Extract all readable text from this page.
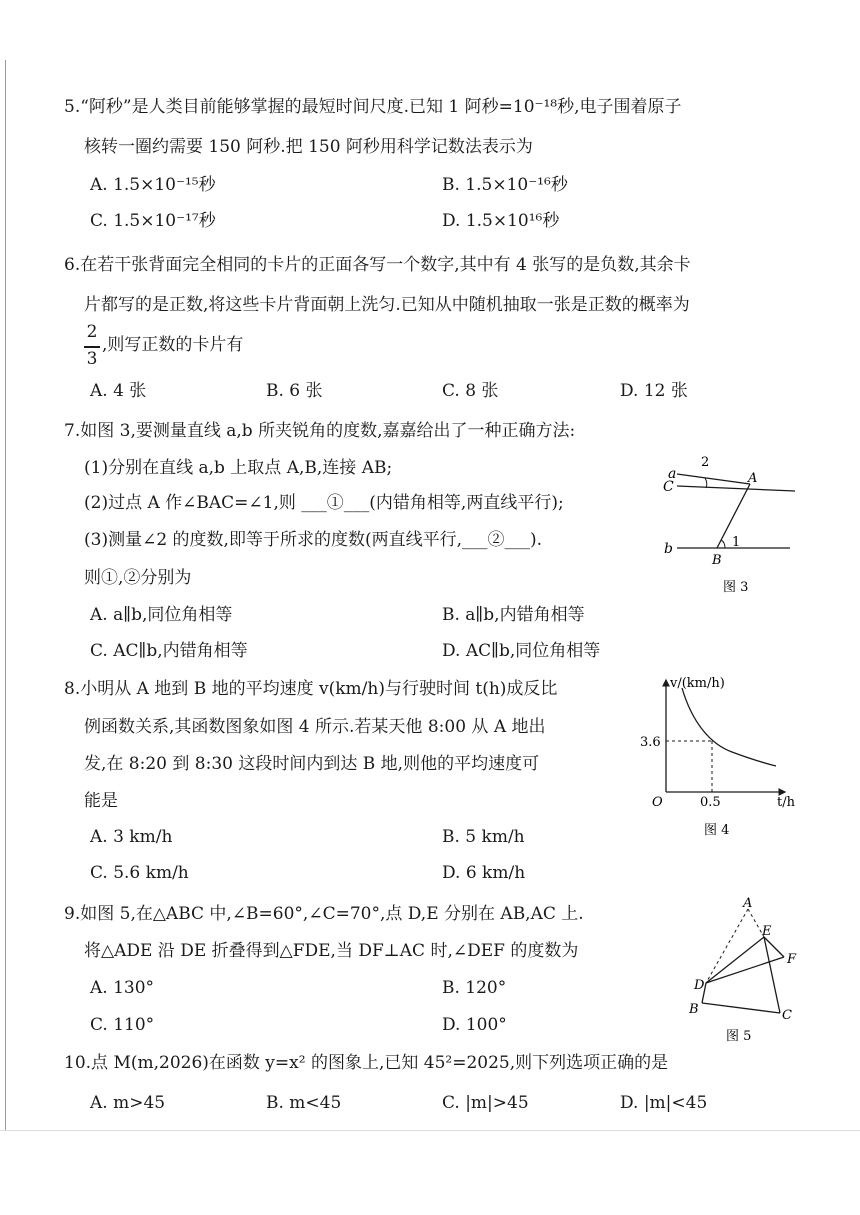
5.“阿秒”是人类目前能够掌握的最短时间尺度.已知 1 阿秒=10⁻¹⁸秒,电子围着原子
核转一圈约需要 150 阿秒.把 150 阿秒用科学记数法表示为
A. 1.5×10⁻¹⁵秒	B. 1.5×10⁻¹⁶秒
C. 1.5×10⁻¹⁷秒	D. 1.5×10¹⁶秒
6.在若干张背面完全相同的卡片的正面各写一个数字,其中有 4 张写的是负数,其余卡
片都写的是正数,将这些卡片背面朝上洗匀.已知从中随机抽取一张是正数的概率为
2
3
,则写正数的卡片有
A. 4 张	B. 6 张	C. 8 张	D. 12 张
7.如图 3,要测量直线 a,b 所夹锐角的度数,嘉嘉给出了一种正确方法:
(1)分别在直线 a,b 上取点 A,B,连接 AB;
(2)过点 A 作∠BAC=∠1,则 ___①___(内错角相等,两直线平行);
(3)测量∠2 的度数,即等于所求的度数(两直线平行,___②___).
则①,②分别为
A. a∥b,同位角相等	B. a∥b,内错角相等
C. AC∥b,内错角相等	D. AC∥b,同位角相等
a
2
A
C
b	1
B
图 3
8.小明从 A 地到 B 地的平均速度 v(km/h)与行驶时间 t(h)成反比
例函数关系,其函数图象如图 4 所示.若某天他 8:00 从 A 地出
发,在 8:20 到 8:30 这段时间内到达 B 地,则他的平均速度可
能是
A. 3 km/h	B. 5 km/h
C. 5.6 km/h	D. 6 km/h
v/(km/h)
3.6
O	0.5	t/h
图 4
9.如图 5,在△ABC 中,∠B=60°,∠C=70°,点 D,E 分别在 AB,AC 上.
将△ADE 沿 DE 折叠得到△FDE,当 DF⊥AC 时,∠DEF 的度数为
A. 130°	B. 120°
C. 110°	D. 100°
A
E
F
D
B	C
图 5
10.点 M(m,2026)在函数 y=x² 的图象上,已知 45²=2025,则下列选项正确的是
A. m>45	B. m<45	C. |m|>45	D. |m|<45
